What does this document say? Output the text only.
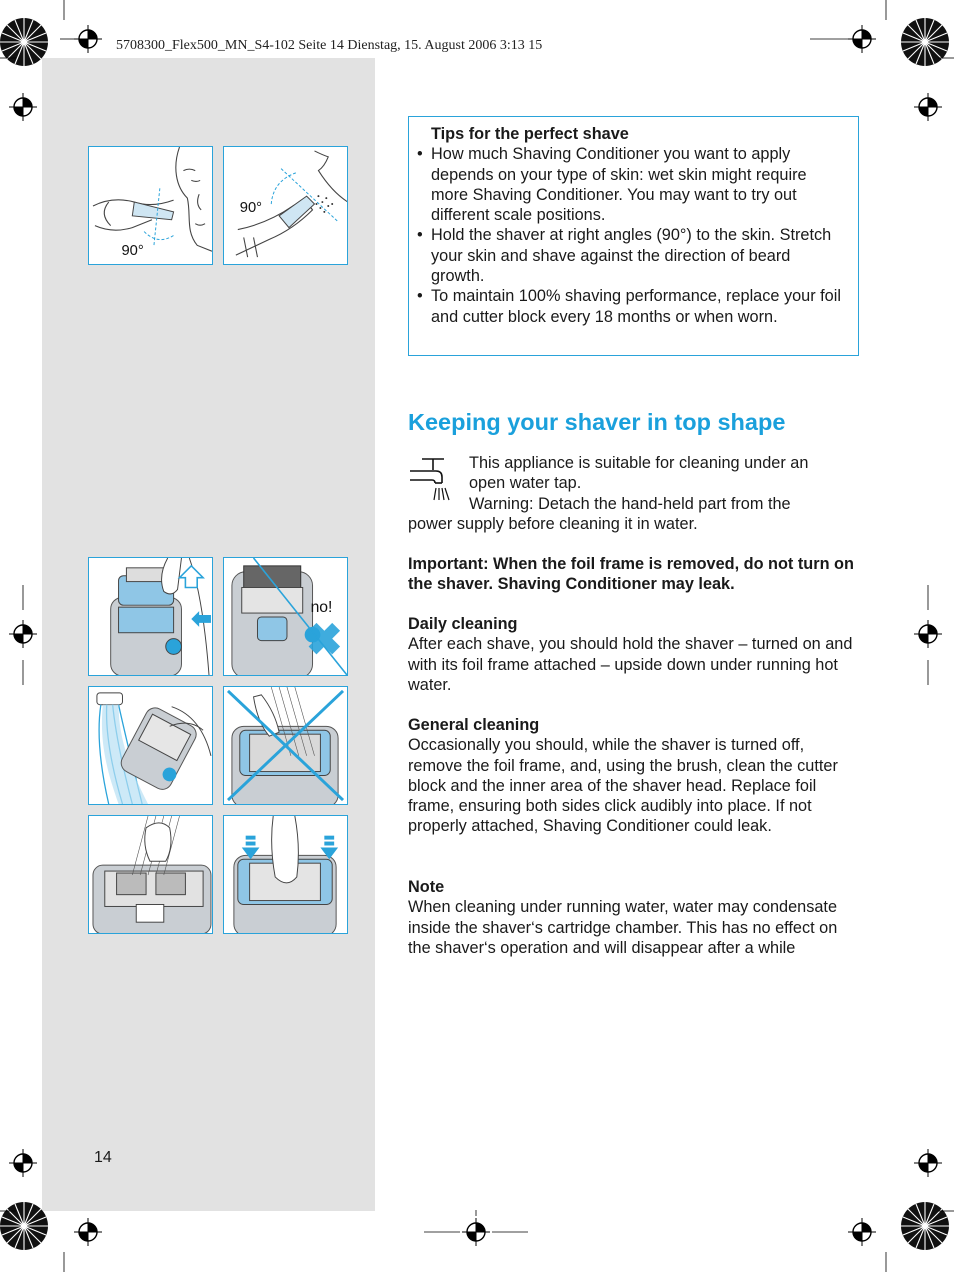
5708300_Flex500_MN_S4-102 Seite 14 Dienstag, 15. August 2006 3:13 15
90°
90°

Tips for the perfect shave

• How much Shaving Conditioner you want to apply depends on your type of skin: wet skin might require more Shaving Conditioner. You may want to try out different scale positions.
• Hold the shaver at right angles (90°) to the skin. Stretch your skin and shave against the direction of beard growth.
• To maintain 100% shaving performance, replace your foil and cutter block every 18 months or when worn.
Keeping your shaver in top shape

This appliance is suitable for cleaning under an

open water tap.

Warning: Detach the hand-held part from the

power supply before cleaning it in water.

Important: When the foil frame is removed, do not turn on the shaver. Shaving Conditioner may leak.

Daily cleaning

After each shave, you should hold the shaver – turned on and with its foil frame attached – upside down under running hot water.

General cleaning

Occasionally you should, while the shaver is turned off, remove the foil frame, and, using the brush, clean the cutter block and the inner area of the shaver head. Replace foil frame, ensuring both sides click audibly into place. If not properly attached, Shaving Conditioner could leak.

Note

When cleaning under running water, water may condensate inside the shaver‘s cartridge chamber. This has no effect on the shaver‘s operation and will disappear after a while

no!
14
